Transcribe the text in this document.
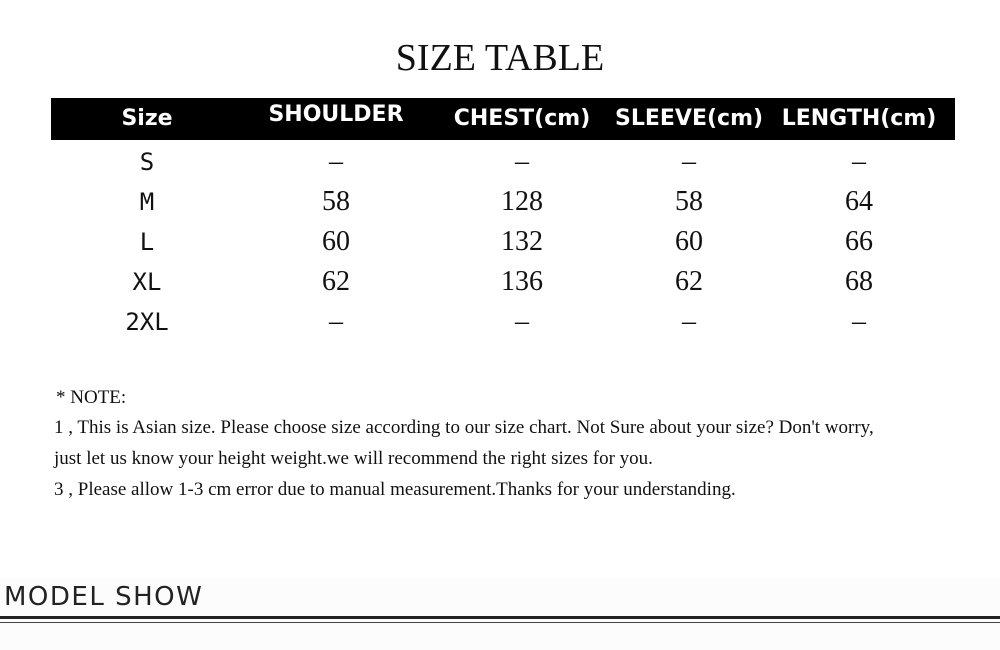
SIZE TABLE
Size	SHOULDER	CHEST(cm)	SLEEVE(cm) LENGTH(cm)
S	–	–	–	–
M	58	128	58	64
L	60	132	60	66
XL	62	136	62	68
2XL	–	–	–	–
* NOTE:
1 , This is Asian size. Please choose size according to our size chart. Not Sure about your size? Don't worry,
just let us know your height weight.we will recommend the right sizes for you.
3 , Please allow 1-3 cm error due to manual measurement.Thanks for your understanding.
MODEL SHOW
